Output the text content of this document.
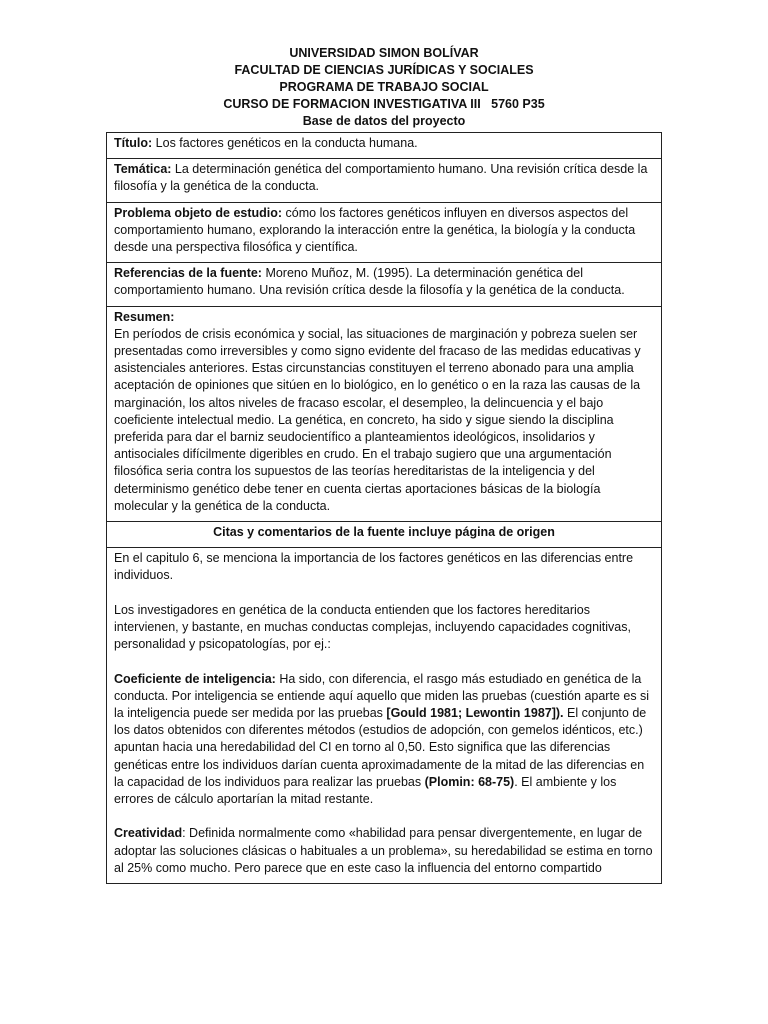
UNIVERSIDAD SIMON BOLÍVAR
FACULTAD DE CIENCIAS JURÍDICAS Y SOCIALES
PROGRAMA DE TRABAJO SOCIAL
CURSO DE FORMACION INVESTIGATIVA III   5760 P35
Base de datos del proyecto
Título: Los factores genéticos en la conducta humana.
Temática: La determinación genética del comportamiento humano. Una revisión crítica desde la filosofía y la genética de la conducta.
Problema objeto de estudio: cómo los factores genéticos influyen en diversos aspectos del comportamiento humano, explorando la interacción entre la genética, la biología y la conducta desde una perspectiva filosófica y científica.
Referencias de la fuente: Moreno Muñoz, M. (1995). La determinación genética del comportamiento humano. Una revisión crítica desde la filosofía y la genética de la conducta.

Resumen:
En períodos de crisis económica y social, las situaciones de marginación y pobreza suelen ser presentadas como irreversibles y como signo evidente del fracaso de las medidas educativas y asistenciales anteriores. Estas circunstancias constituyen el terreno abonado para una amplia aceptación de opiniones que sitúen en lo biológico, en lo genético o en la raza las causas de la marginación, los altos niveles de fracaso escolar, el desempleo, la delincuencia y el bajo coeficiente intelectual medio. La genética, en concreto, ha sido y sigue siendo la disciplina preferida para dar el barniz seudocientífico a planteamientos ideológicos, insolidarios y antisociales difícilmente digeribles en crudo. En el trabajo sugiero que una argumentación filosófica seria contra los supuestos de las teorías hereditaristas de la inteligencia y del determinismo genético debe tener en cuenta ciertas aportaciones básicas de la biología molecular y la genética de la conducta.

Citas y comentarios de la fuente incluye página de origen

En el capitulo 6, se menciona la importancia de los factores genéticos en las diferencias entre individuos.

Los investigadores en genética de la conducta entienden que los factores hereditarios intervienen, y bastante, en muchas conductas complejas, incluyendo capacidades cognitivas, personalidad y psicopatologías, por ej.:

Coeficiente de inteligencia: Ha sido, con diferencia, el rasgo más estudiado en genética de la conducta. Por inteligencia se entiende aquí aquello que miden las pruebas (cuestión aparte es si la inteligencia puede ser medida por las pruebas [Gould 1981; Lewontin 1987]). El conjunto de los datos obtenidos con diferentes métodos (estudios de adopción, con gemelos idénticos, etc.) apuntan hacia una heredabilidad del CI en torno al 0,50. Esto significa que las diferencias genéticas entre los individuos darían cuenta aproximadamente de la mitad de las diferencias en la capacidad de los individuos para realizar las pruebas (Plomin: 68-75). El ambiente y los errores de cálculo aportarían la mitad restante.

Creatividad: Definida normalmente como «habilidad para pensar divergentemente, en lugar de adoptar las soluciones clásicas o habituales a un problema», su heredabilidad se estima en torno al 25% como mucho. Pero parece que en este caso la influencia del entorno compartido
